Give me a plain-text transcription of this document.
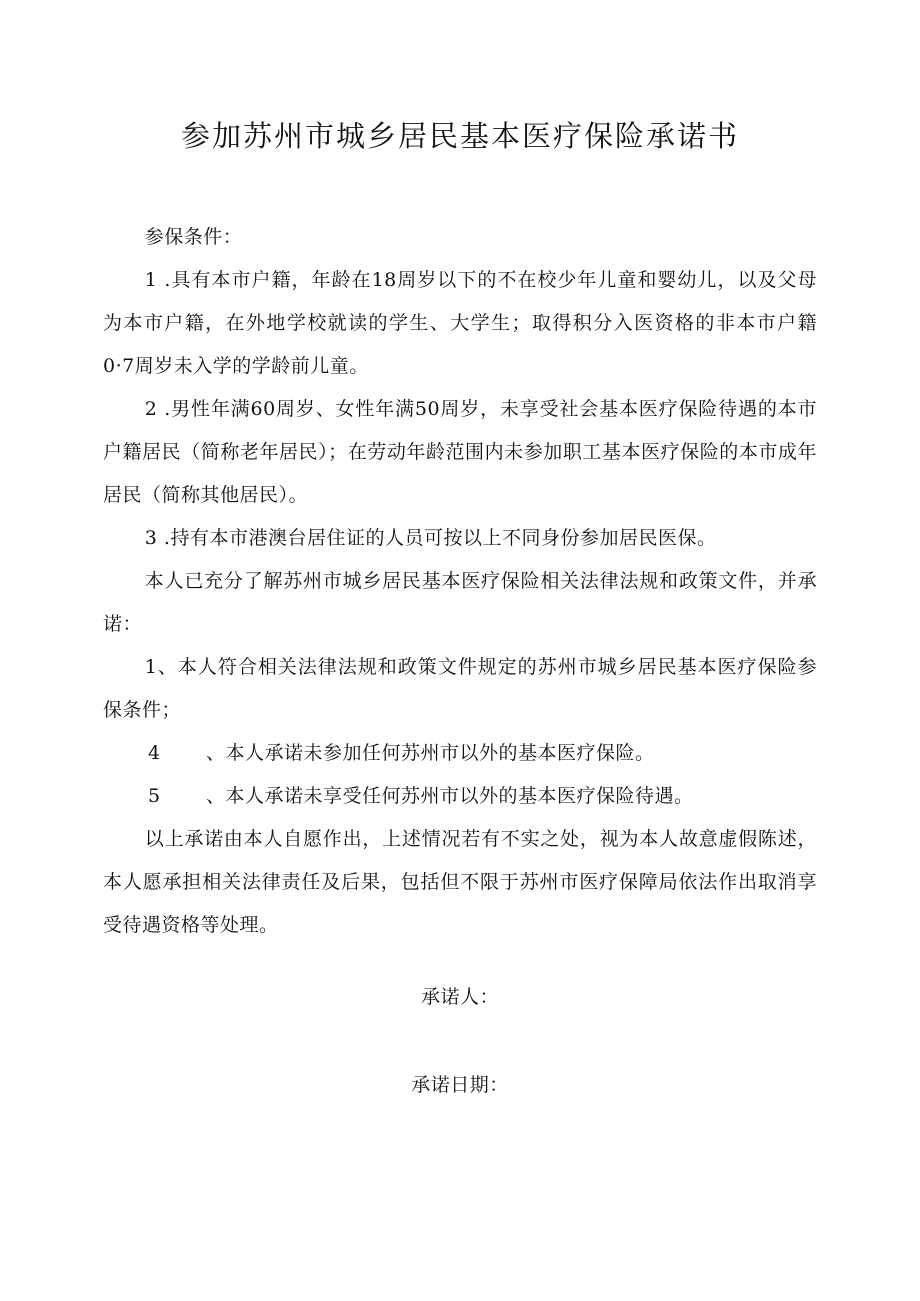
参加苏州市城乡居民基本医疗保险承诺书

参保条件：

1 .具有本市户籍，年龄在18周岁以下的不在校少年儿童和婴幼儿，以及父母为本市户籍，在外地学校就读的学生、大学生；取得积分入医资格的非本市户籍0·7周岁未入学的学龄前儿童。

2 .男性年满60周岁、女性年满50周岁，未享受社会基本医疗保险待遇的本市户籍居民（简称老年居民）；在劳动年龄范围内未参加职工基本医疗保险的本市成年居民（简称其他居民）。

3 .持有本市港澳台居住证的人员可按以上不同身份参加居民医保。

本人已充分了解苏州市城乡居民基本医疗保险相关法律法规和政策文件，并承诺：

1、本人符合相关法律法规和政策文件规定的苏州市城乡居民基本医疗保险参保条件；

4	、本人承诺未参加任何苏州市以外的基本医疗保险。

5	、本人承诺未享受任何苏州市以外的基本医疗保险待遇。

以上承诺由本人自愿作出，上述情况若有不实之处，视为本人故意虚假陈述，本人愿承担相关法律责任及后果，包括但不限于苏州市医疗保障局依法作出取消享受待遇资格等处理。

承诺人：
承诺日期：
